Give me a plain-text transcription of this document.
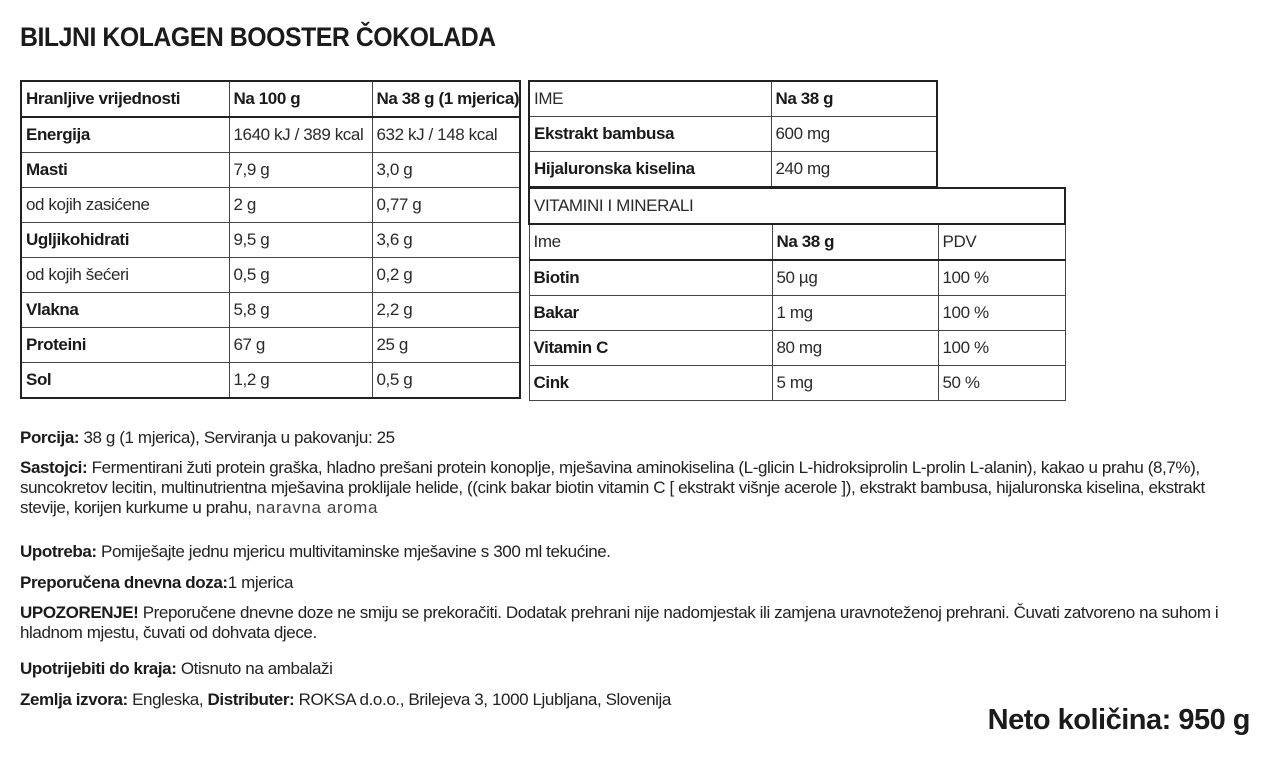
BILJNI KOLAGEN BOOSTER ČOKOLADA
Hranljive vrijednosti	Na 100 g	Na 38 g (1 mjerica)
Energija	1640 kJ / 389 kcal	632 kJ / 148 kcal
Masti	7,9 g	3,0 g
od kojih zasićene	2 g	0,77 g
Ugljikohidrati	9,5 g	3,6 g
od kojih šećeri	0,5 g	0,2 g
Vlakna	5,8 g	2,2 g
Proteini	67 g	25 g
Sol	1,2 g	0,5 g
IME	Na 38 g
Ekstrakt bambusa	600 mg
Hijaluronska kiselina	240 mg
VITAMINI I MINERALI		
Ime	Na 38 g	PDV
Biotin	50 µg	100 %
Bakar	1 mg	100 %
Vitamin C	80 mg	100 %
Cink	5 mg	50 %
Porcija: 38 g (1 mjerica), Serviranja u pakovanju: 25
Sastojci: Fermentirani žuti protein graška, hladno prešani protein konoplje, mješavina aminokiselina (L-glicin L-hidroksiprolin L-prolin L-alanin), kakao u prahu (8,7%), suncokretov lecitin, multinutrientna mješavina proklijale helide, ((cink bakar biotin vitamin C [ ekstrakt višnje acerole ]), ekstrakt bambusa, hijaluronska kiselina, ekstrakt stevije, korijen kurkume u prahu, naravna aroma
Upotreba: Pomiješajte jednu mjericu multivitaminske mješavine s 300 ml tekućine.
Preporučena dnevna doza:1 mjerica
UPOZORENJE! Preporučene dnevne doze ne smiju se prekoračiti. Dodatak prehrani nije nadomjestak ili zamjena uravnoteženoj prehrani. Čuvati zatvoreno na suhom i hladnom mjestu, čuvati od dohvata djece.
Upotrijebiti do kraja: Otisnuto na ambalaži
Zemlja izvora: Engleska, Distributer: ROKSA d.o.o., Brilejeva 3, 1000 Ljubljana, Slovenija
Neto količina: 950 g
